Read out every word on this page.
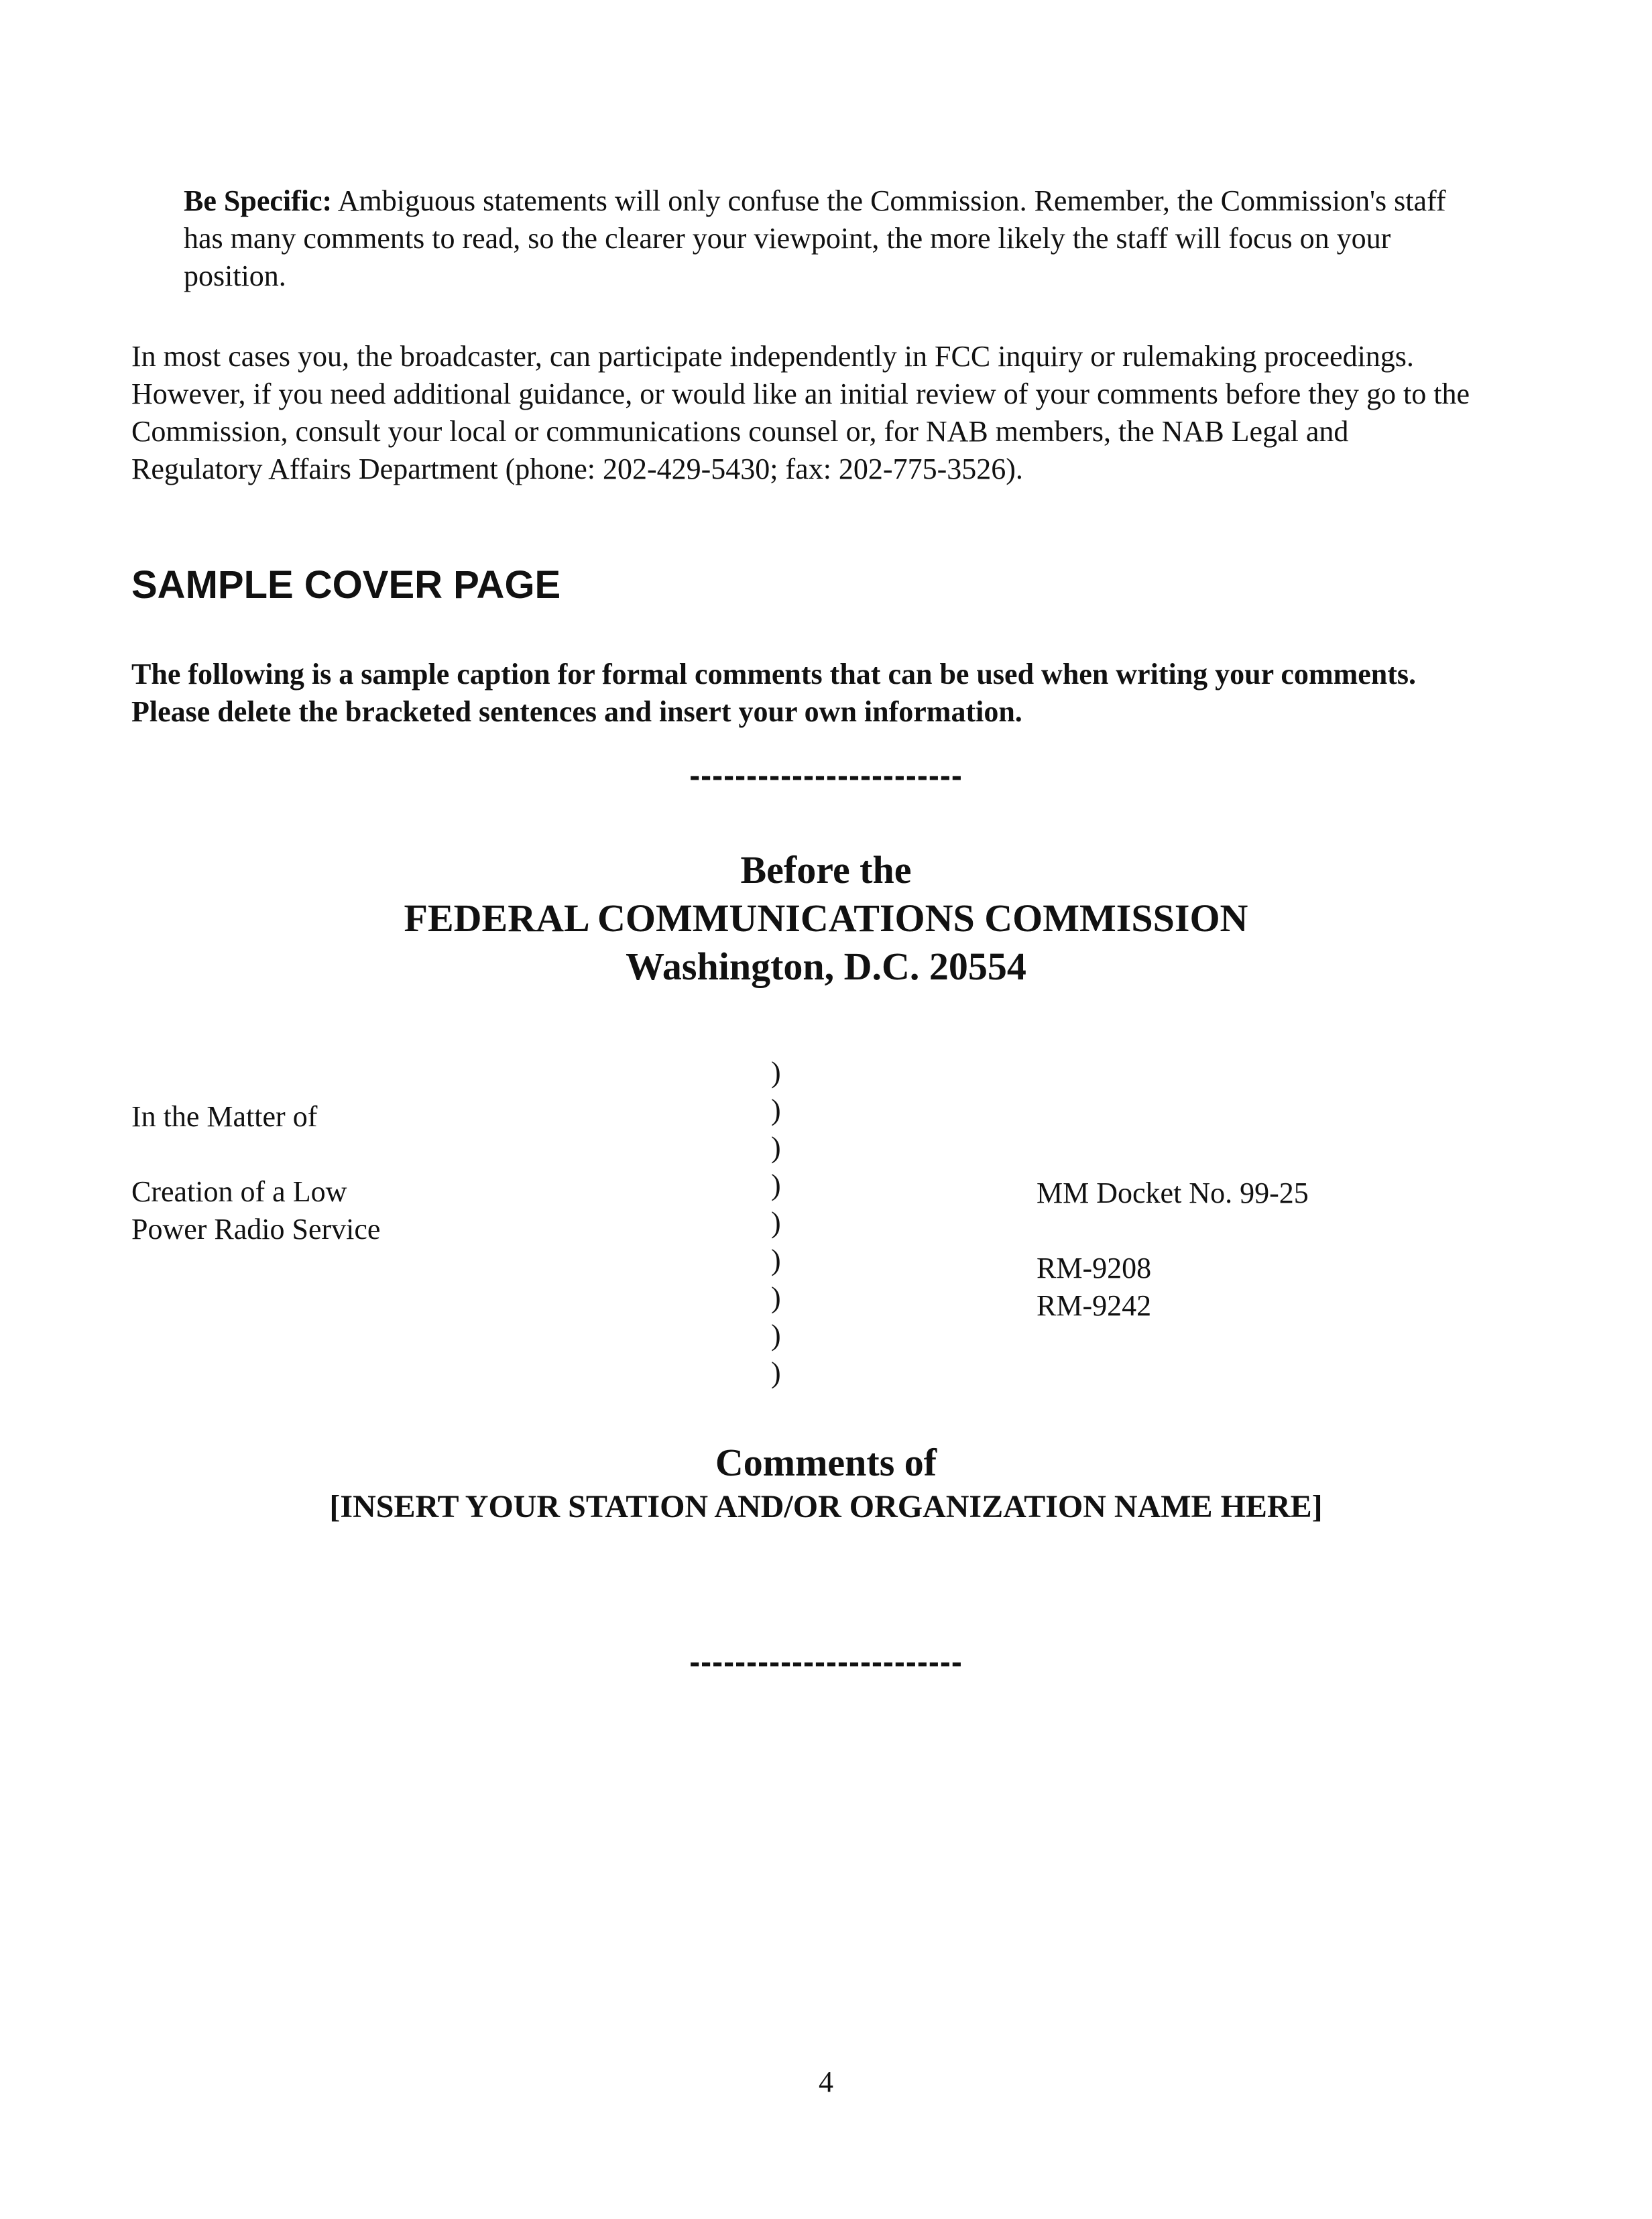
Be Specific: Ambiguous statements will only confuse the Commission. Remember, the Commission's staff has many comments to read, so the clearer your viewpoint, the more likely the staff will focus on your position.
In most cases you, the broadcaster, can participate independently in FCC inquiry or rulemaking proceedings. However, if you need additional guidance, or would like an initial review of your comments before they go to the Commission, consult your local or communications counsel or, for NAB members, the NAB Legal and Regulatory Affairs Department (phone: 202-429-5430; fax: 202-775-3526).
SAMPLE COVER PAGE
The following is a sample caption for formal comments that can be used when writing your comments. Please delete the bracketed sentences and insert your own information.
------------------------
Before the
FEDERAL COMMUNICATIONS COMMISSION
Washington, D.C. 20554
In the Matter of
Creation of a Low
Power Radio Service
)
)
)
)
)
)
)
)
)
MM Docket No. 99-25
RM-9208
RM-9242
Comments of
[INSERT YOUR STATION AND/OR ORGANIZATION NAME HERE]
------------------------
4
